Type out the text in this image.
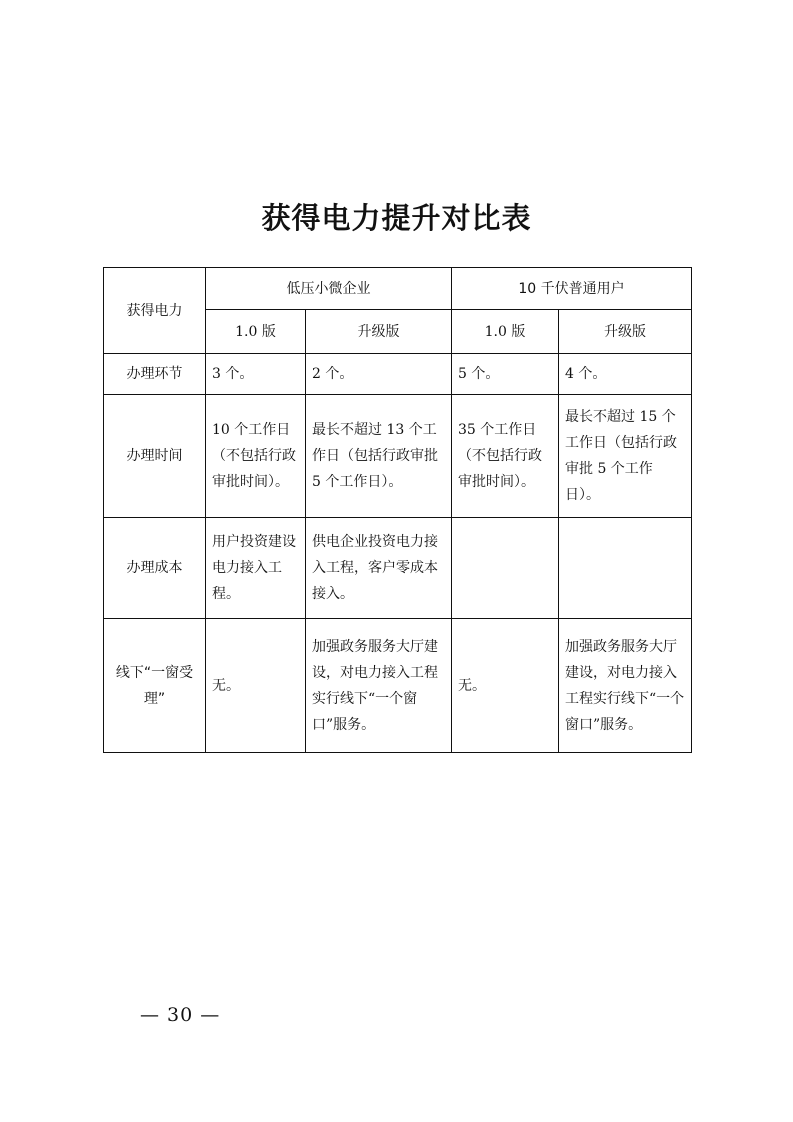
获得电力提升对比表
获得电力	低压小微企业		10 千伏普通用户	
	1.0 版	升级版	1.0 版	升级版
办理环节	3 个。	2 个。	5 个。	4 个。
办理时间	10 个工作日（不包括行政审批时间）。	最长不超过 13 个工作日（包括行政审批 5 个工作日）。	35 个工作日（不包括行政审批时间）。	最长不超过 15 个工作日（包括行政审批 5 个工作日）。
办理成本	用户投资建设电力接入工程。	供电企业投资电力接入工程，客户零成本接入。		
线下“一窗受理”	无。	加强政务服务大厅建设，对电力接入工程实行线下“一个窗口”服务。	无。	加强政务服务大厅建设，对电力接入工程实行线下“一个窗口”服务。
— 30 —
